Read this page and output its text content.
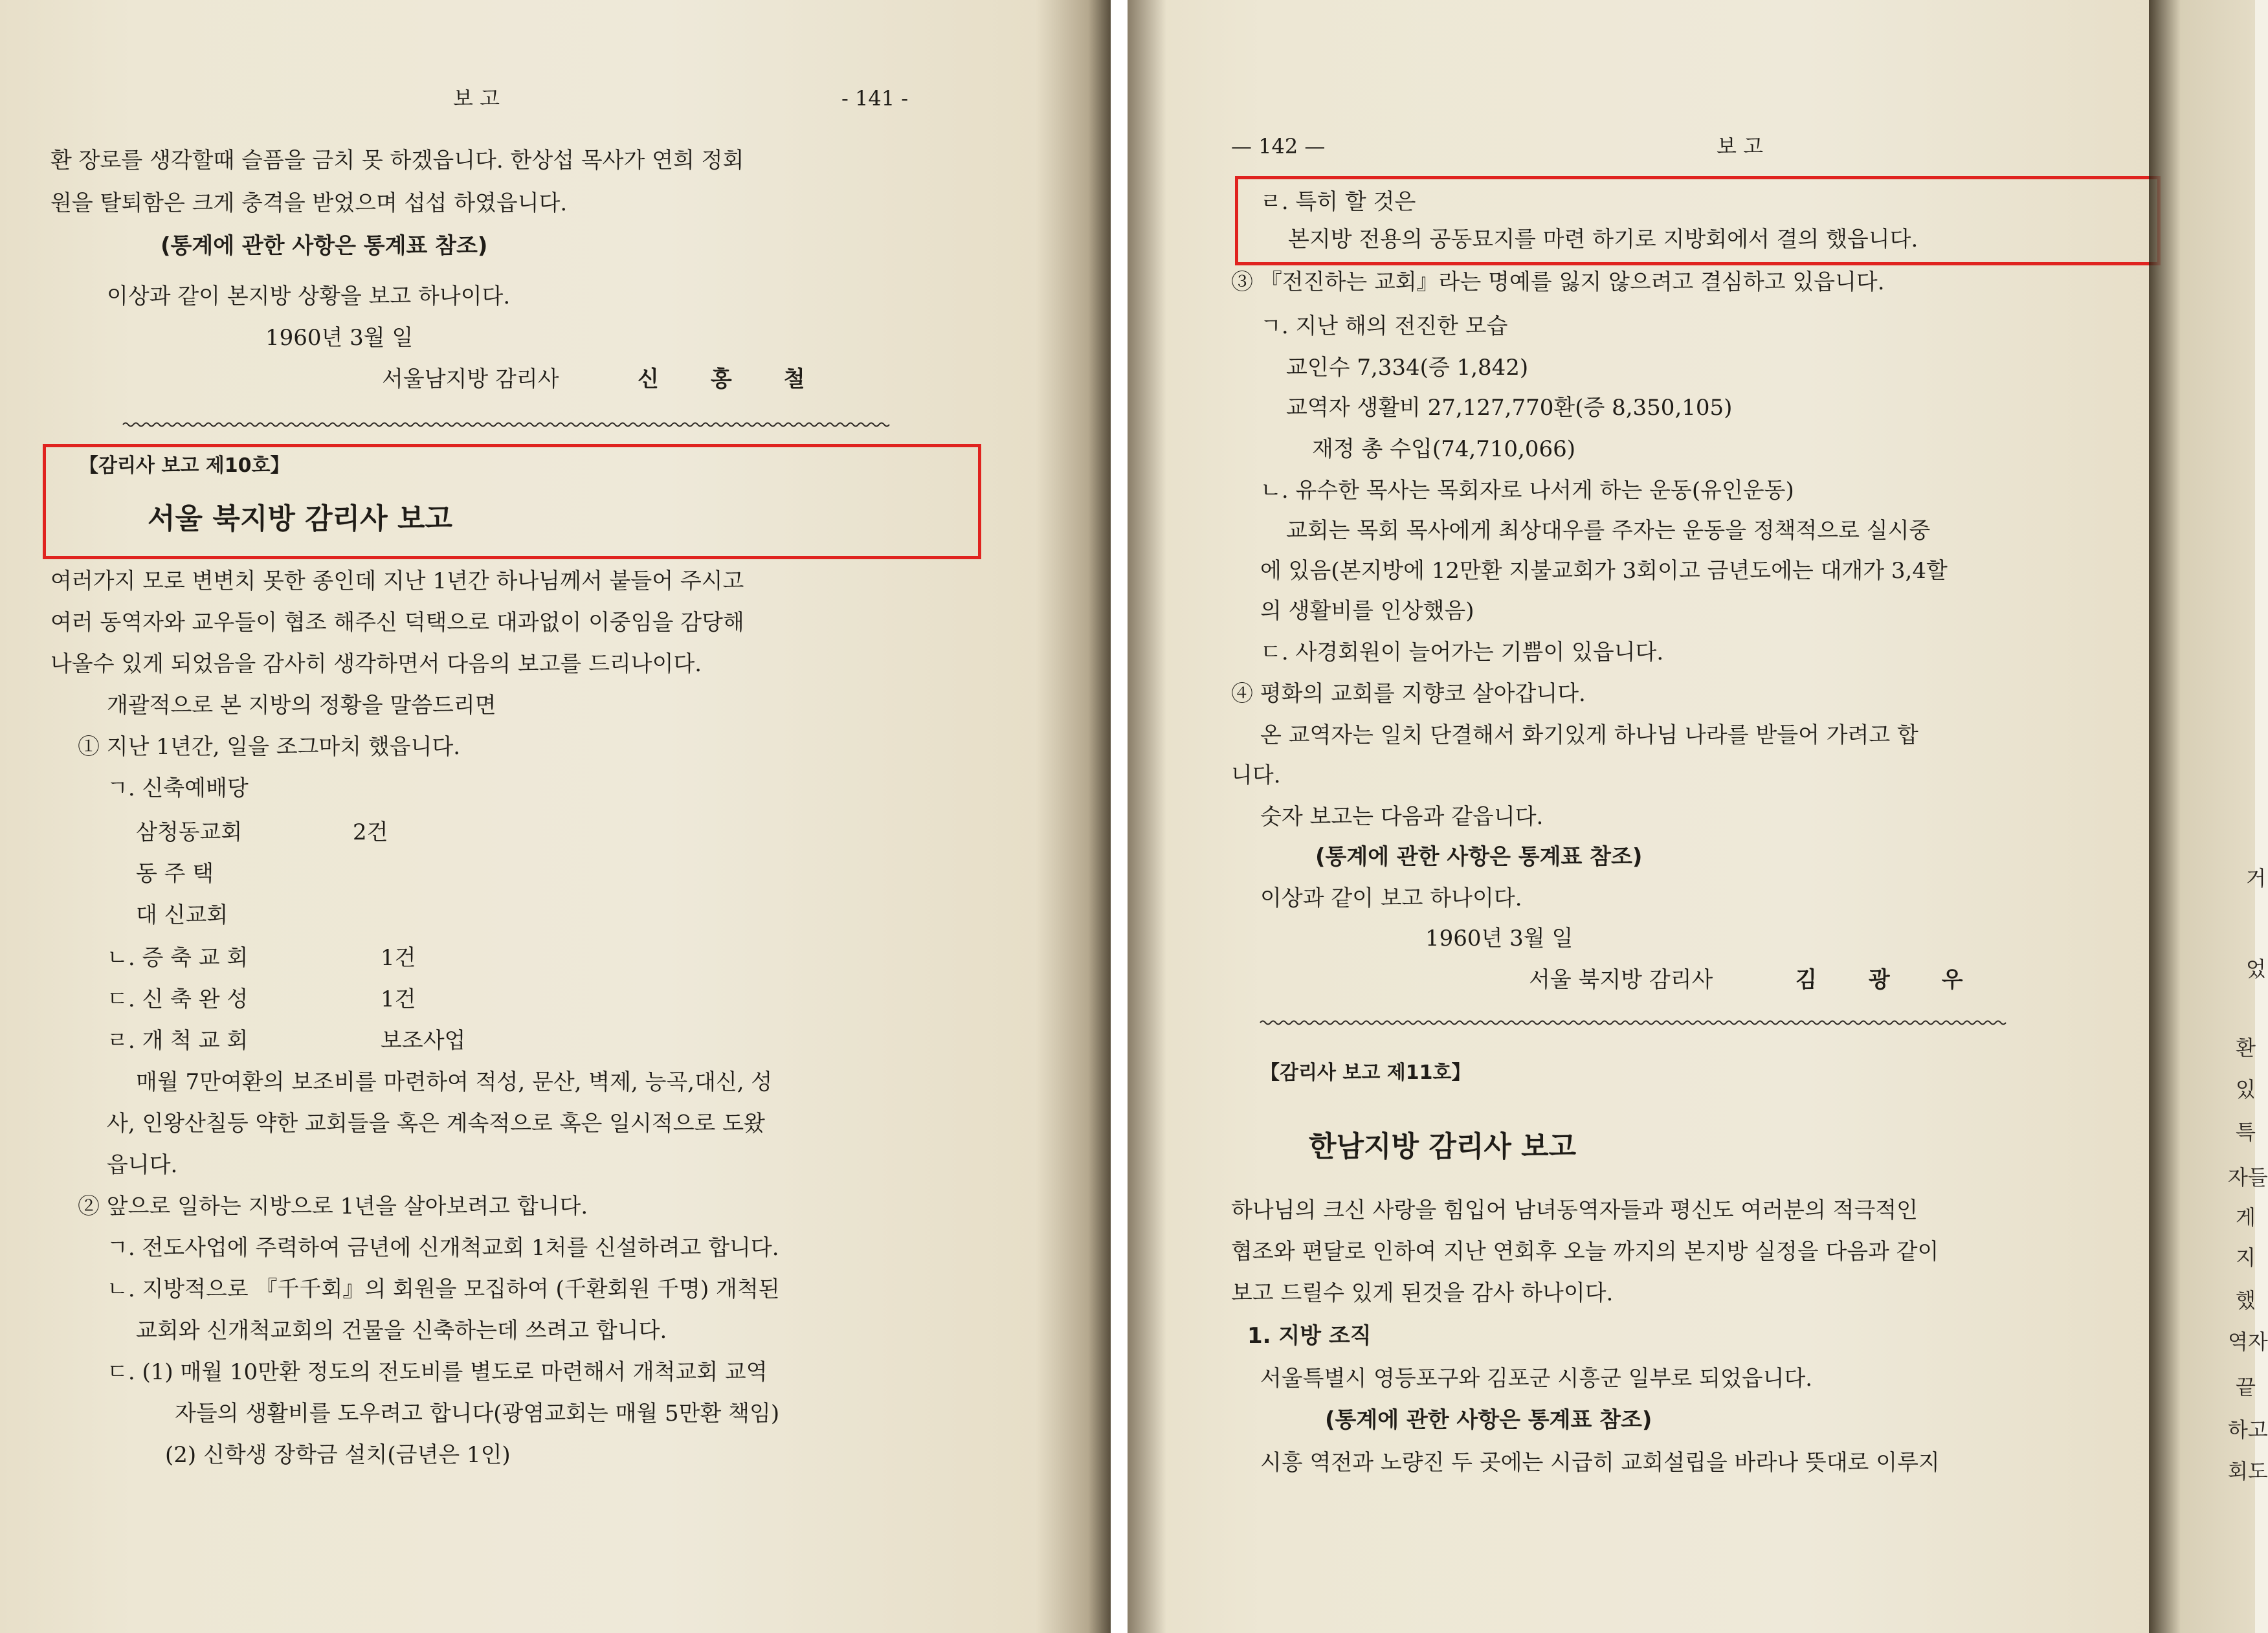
보 고	- 141 -
환 장로를 생각할때 슬픔을 금치 못 하겠읍니다. 한상섭 목사가 연희 정회
원을 탈퇴함은 크게 충격을 받었으며 섭섭 하였읍니다.
(통계에 관한 사항은 통계표 참조)
이상과 같이 본지방 상황을 보고 하나이다.
1960년 3월 일
서울남지방 감리사	신홍철
【감리사 보고 제10호】
서울 북지방 감리사 보고
여러가지 모로 변변치 못한 종인데 지난 1년간 하나님께서 붙들어 주시고
여러 동역자와 교우들이 협조 해주신 덕택으로 대과없이 이중임을 감당해
나올수 있게 되었음을 감사히 생각하면서 다음의 보고를 드리나이다.
개괄적으로 본 지방의 정황을 말씀드리면
① 지난 1년간, 일을 조그마치 했읍니다.
ㄱ. 신축예배당
삼청동교회	2건
동 주 택
대 신교회
ㄴ. 증 축 교 회	1건
ㄷ. 신 축 완 성	1건
ㄹ. 개 척 교 회	보조사업
매월 7만여환의 보조비를 마련하여 적성, 문산, 벽제, 능곡,대신, 성
사, 인왕산칠등 약한 교회들을 혹은 계속적으로 혹은 일시적으로 도왔
읍니다.
② 앞으로 일하는 지방으로 1년을 살아보려고 합니다.
ㄱ. 전도사업에 주력하여 금년에 신개척교회 1처를 신설하려고 합니다.
ㄴ. 지방적으로 『千千회』의 회원을 모집하여 (千환회원 千명) 개척된
교회와 신개척교회의 건물을 신축하는데 쓰려고 합니다.
ㄷ. (1) 매월 10만환 정도의 전도비를 별도로 마련해서 개척교회 교역
자들의 생활비를 도우려고 합니다(광염교회는 매월 5만환 책임)
(2) 신학생 장학금 설치(금년은 1인)
— 142 —	보 고
ㄹ. 특히 할 것은
본지방 전용의 공동묘지를 마련 하기로 지방회에서 결의 했읍니다.
③ 『전진하는 교회』라는 명예를 잃지 않으려고 결심하고 있읍니다.
ㄱ. 지난 해의 전진한 모습
교인수 7,334(증 1,842)
교역자 생활비 27,127,770환(증 8,350,105)
재정 총 수입(74,710,066)
ㄴ. 유수한 목사는 목회자로 나서게 하는 운동(유인운동)
교회는 목회 목사에게 최상대우를 주자는 운동을 정책적으로 실시중
에 있음(본지방에 12만환 지불교회가 3회이고 금년도에는 대개가 3,4할
의 생활비를 인상했음)
ㄷ. 사경회원이 늘어가는 기쁨이 있읍니다.
④ 평화의 교회를 지향코 살아갑니다.
온 교역자는 일치 단결해서 화기있게 하나님 나라를 받들어 가려고 합
니다.
숫자 보고는 다음과 같읍니다.
(통계에 관한 사항은 통계표 참조)
이상과 같이 보고 하나이다.
1960년 3월 일
서울 북지방 감리사	김광우
【감리사 보고 제11호】
한남지방 감리사 보고
하나님의 크신 사랑을 힘입어 남녀동역자들과 평신도 여러분의 적극적인
협조와 편달로 인하여 지난 연회후 오늘 까지의 본지방 실정을 다음과 같이
보고 드릴수 있게 된것을 감사 하나이다.
1. 지방 조직
서울특별시 영등포구와 김포군 시흥군 일부로 되었읍니다.
(통계에 관한 사항은 통계표 참조)
시흥 역전과 노량진 두 곳에는 시급히 교회설립을 바라나 뜻대로 이루지
거
었
환
있
특
자들
게
지
했
역자
끝
하고
회도
